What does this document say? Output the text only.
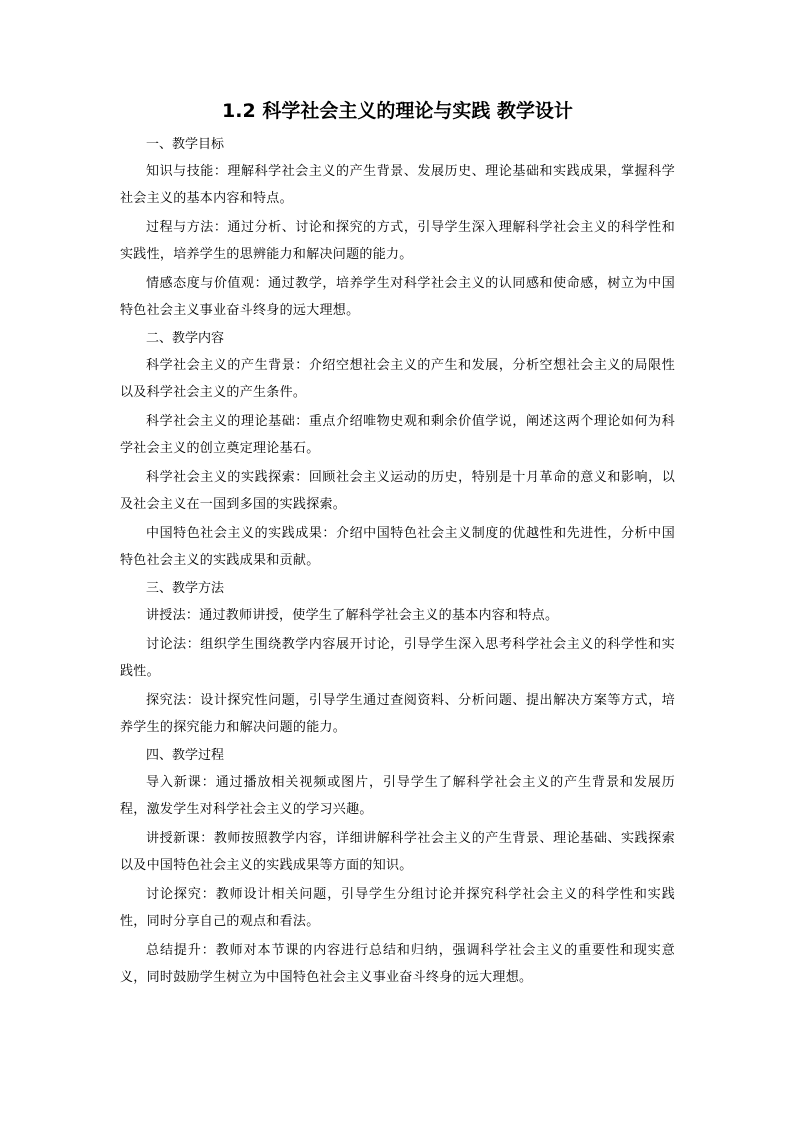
1.2 科学社会主义的理论与实践 教学设计

一、教学目标

知识与技能：理解科学社会主义的产生背景、发展历史、理论基础和实践成果，掌握科学社会主义的基本内容和特点。

过程与方法：通过分析、讨论和探究的方式，引导学生深入理解科学社会主义的科学性和实践性，培养学生的思辨能力和解决问题的能力。

情感态度与价值观：通过教学，培养学生对科学社会主义的认同感和使命感，树立为中国特色社会主义事业奋斗终身的远大理想。

二、教学内容

科学社会主义的产生背景：介绍空想社会主义的产生和发展，分析空想社会主义的局限性以及科学社会主义的产生条件。

科学社会主义的理论基础：重点介绍唯物史观和剩余价值学说，阐述这两个理论如何为科学社会主义的创立奠定理论基石。

科学社会主义的实践探索：回顾社会主义运动的历史，特别是十月革命的意义和影响，以及社会主义在一国到多国的实践探索。

中国特色社会主义的实践成果：介绍中国特色社会主义制度的优越性和先进性，分析中国特色社会主义的实践成果和贡献。

三、教学方法

讲授法：通过教师讲授，使学生了解科学社会主义的基本内容和特点。

讨论法：组织学生围绕教学内容展开讨论，引导学生深入思考科学社会主义的科学性和实践性。

探究法：设计探究性问题，引导学生通过查阅资料、分析问题、提出解决方案等方式，培养学生的探究能力和解决问题的能力。

四、教学过程

导入新课：通过播放相关视频或图片，引导学生了解科学社会主义的产生背景和发展历程，激发学生对科学社会主义的学习兴趣。

讲授新课：教师按照教学内容，详细讲解科学社会主义的产生背景、理论基础、实践探索以及中国特色社会主义的实践成果等方面的知识。

讨论探究：教师设计相关问题，引导学生分组讨论并探究科学社会主义的科学性和实践性，同时分享自己的观点和看法。

总结提升：教师对本节课的内容进行总结和归纳，强调科学社会主义的重要性和现实意义，同时鼓励学生树立为中国特色社会主义事业奋斗终身的远大理想。
